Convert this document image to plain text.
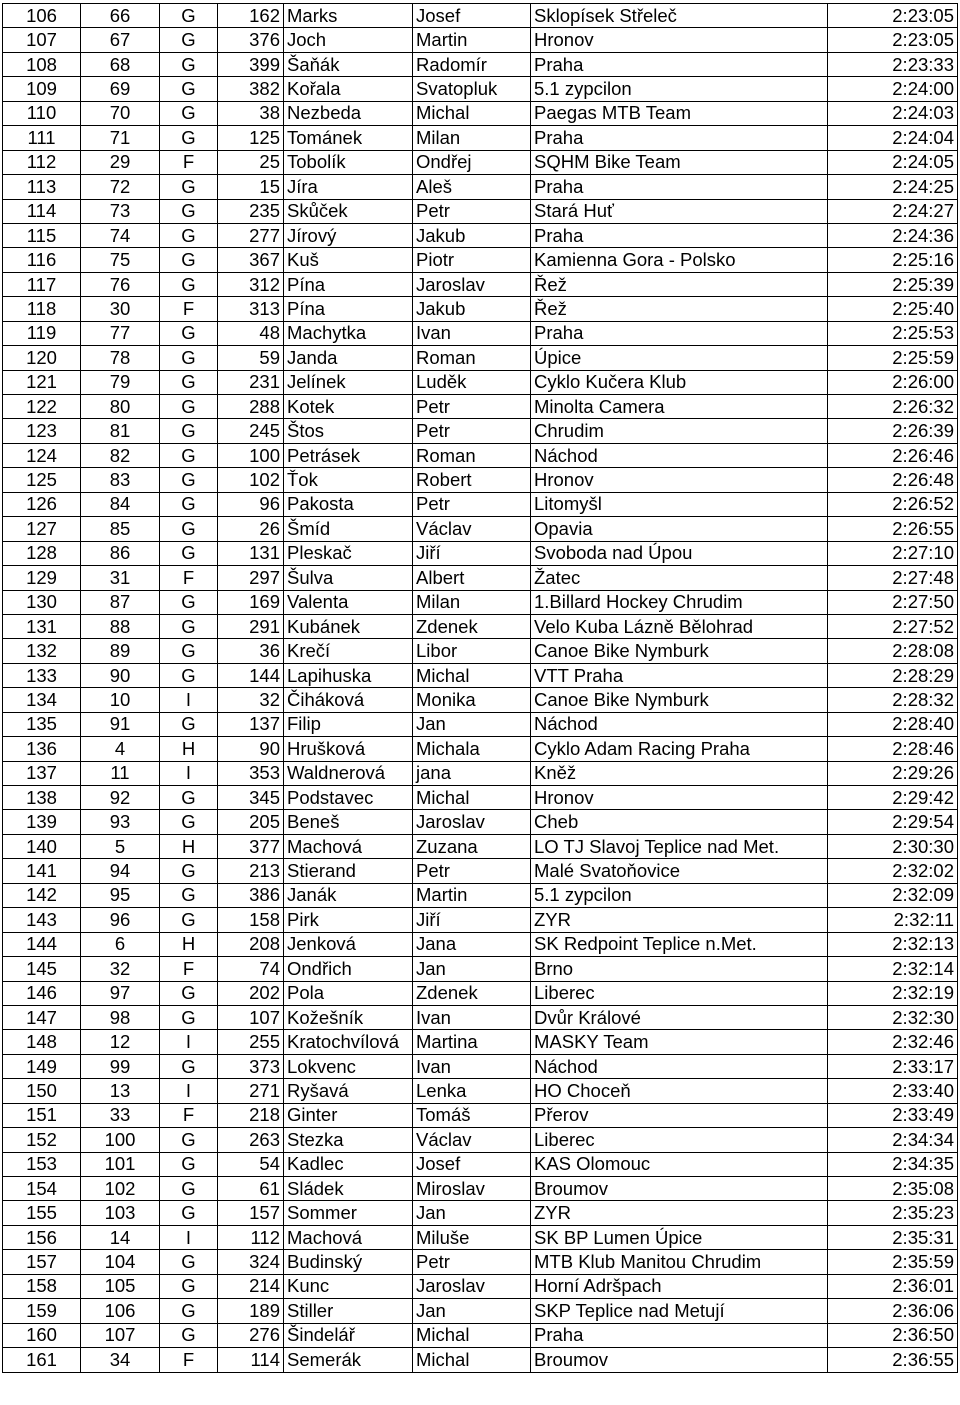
106	66	G	162	Marks	Josef	Sklopísek Střeleč	2:23:05
107	67	G	376	Joch	Martin	Hronov	2:23:05
108	68	G	399	Šaňák	Radomír	Praha	2:23:33
109	69	G	382	Kořala	Svatopluk	5.1 zypcilon	2:24:00
110	70	G	38	Nezbeda	Michal	Paegas MTB Team	2:24:03
111	71	G	125	Tománek	Milan	Praha	2:24:04
112	29	F	25	Tobolík	Ondřej	SQHM Bike Team	2:24:05
113	72	G	15	Jíra	Aleš	Praha	2:24:25
114	73	G	235	Skůček	Petr	Stará Huť	2:24:27
115	74	G	277	Jírový	Jakub	Praha	2:24:36
116	75	G	367	Kuš	Piotr	Kamienna Gora - Polsko	2:25:16
117	76	G	312	Pína	Jaroslav	Řež	2:25:39
118	30	F	313	Pína	Jakub	Řež	2:25:40
119	77	G	48	Machytka	Ivan	Praha	2:25:53
120	78	G	59	Janda	Roman	Úpice	2:25:59
121	79	G	231	Jelínek	Luděk	Cyklo Kučera Klub	2:26:00
122	80	G	288	Kotek	Petr	Minolta Camera	2:26:32
123	81	G	245	Štos	Petr	Chrudim	2:26:39
124	82	G	100	Petrásek	Roman	Náchod	2:26:46
125	83	G	102	Ťok	Robert	Hronov	2:26:48
126	84	G	96	Pakosta	Petr	Litomyšl	2:26:52
127	85	G	26	Šmíd	Václav	Opavia	2:26:55
128	86	G	131	Pleskač	Jiří	Svoboda nad Úpou	2:27:10
129	31	F	297	Šulva	Albert	Žatec	2:27:48
130	87	G	169	Valenta	Milan	1.Billard Hockey Chrudim	2:27:50
131	88	G	291	Kubánek	Zdenek	Velo Kuba Lázně Bělohrad	2:27:52
132	89	G	36	Krečí	Libor	Canoe Bike Nymburk	2:28:08
133	90	G	144	Lapihuska	Michal	VTT Praha	2:28:29
134	10	I	32	Čiháková	Monika	Canoe Bike Nymburk	2:28:32
135	91	G	137	Filip	Jan	Náchod	2:28:40
136	4	H	90	Hrušková	Michala	Cyklo Adam Racing Praha	2:28:46
137	11	I	353	Waldnerová	jana	Kněž	2:29:26
138	92	G	345	Podstavec	Michal	Hronov	2:29:42
139	93	G	205	Beneš	Jaroslav	Cheb	2:29:54
140	5	H	377	Machová	Zuzana	LO TJ Slavoj Teplice nad Met.	2:30:30
141	94	G	213	Stierand	Petr	Malé Svatoňovice	2:32:02
142	95	G	386	Janák	Martin	5.1 zypcilon	2:32:09
143	96	G	158	Pirk	Jiří	ZYR	2:32:11
144	6	H	208	Jenková	Jana	SK Redpoint Teplice n.Met.	2:32:13
145	32	F	74	Ondřich	Jan	Brno	2:32:14
146	97	G	202	Pola	Zdenek	Liberec	2:32:19
147	98	G	107	Kožešník	Ivan	Dvůr Králové	2:32:30
148	12	I	255	Kratochvílová	Martina	MASKY Team	2:32:46
149	99	G	373	Lokvenc	Ivan	Náchod	2:33:17
150	13	I	271	Ryšavá	Lenka	HO Choceň	2:33:40
151	33	F	218	Ginter	Tomáš	Přerov	2:33:49
152	100	G	263	Stezka	Václav	Liberec	2:34:34
153	101	G	54	Kadlec	Josef	KAS Olomouc	2:34:35
154	102	G	61	Sládek	Miroslav	Broumov	2:35:08
155	103	G	157	Sommer	Jan	ZYR	2:35:23
156	14	I	112	Machová	Miluše	SK BP Lumen Úpice	2:35:31
157	104	G	324	Budinský	Petr	MTB Klub Manitou Chrudim	2:35:59
158	105	G	214	Kunc	Jaroslav	Horní Adršpach	2:36:01
159	106	G	189	Stiller	Jan	SKP Teplice nad Metují	2:36:06
160	107	G	276	Šindelář	Michal	Praha	2:36:50
161	34	F	114	Semerák	Michal	Broumov	2:36:55
